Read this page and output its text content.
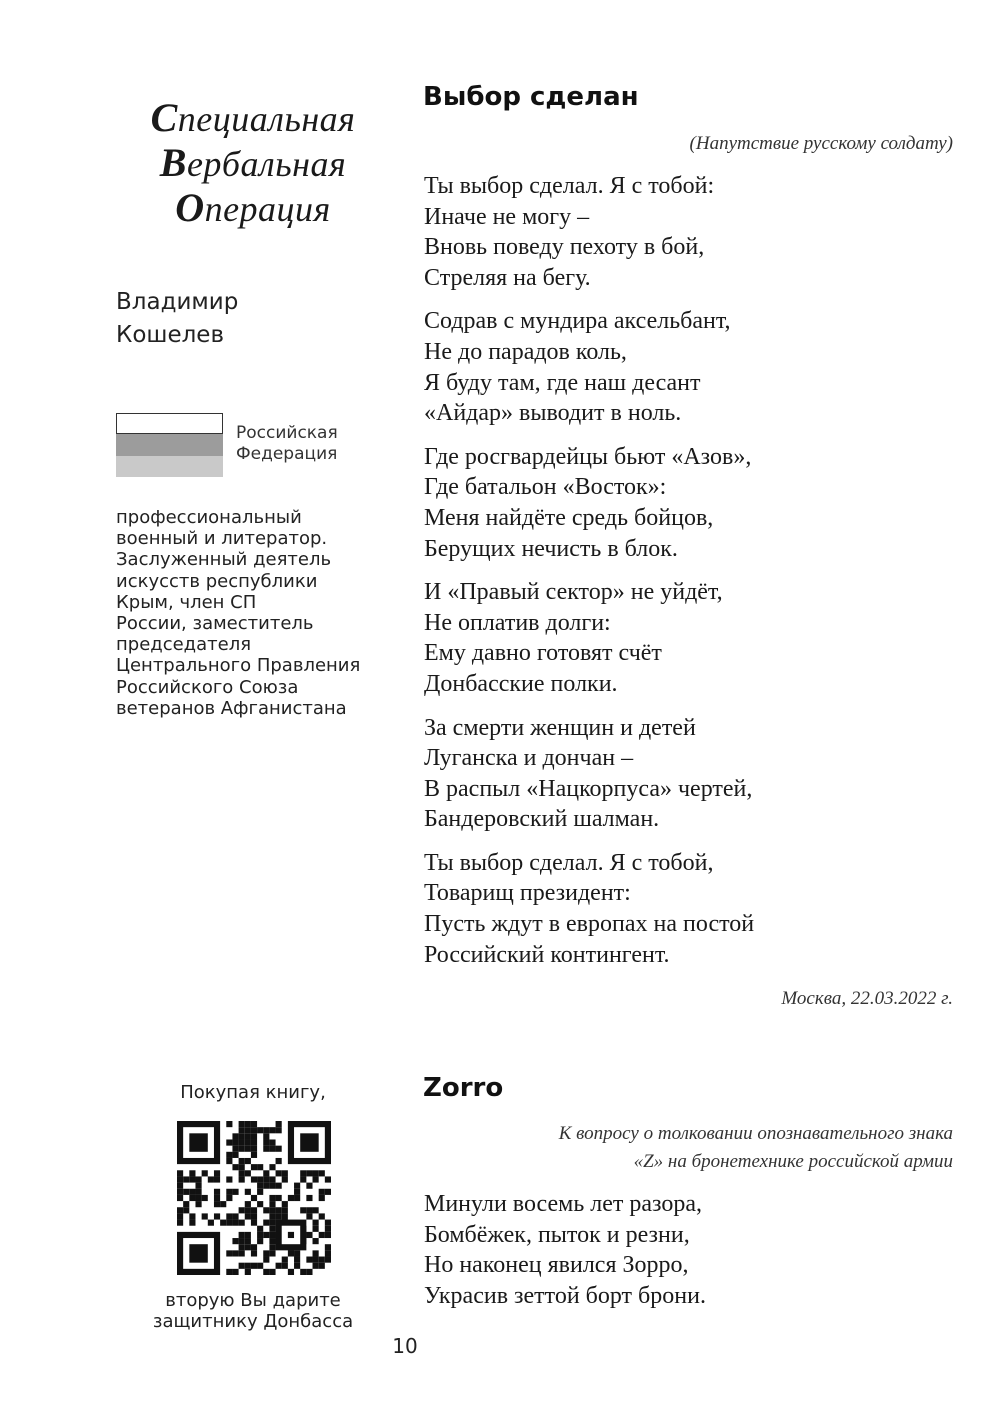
Специальная
Вербальная
Операция
Владимир
Кошелев
Российская
Федерация
профессиональный
военный и литератор.
Заслуженный деятель
искусств республики
Крым, член СП
России, заместитель
председателя
Центрального Правления
Российского Союза
ветеранов Афганистана
Выбор сделан
(Напутствие русскому солдату)
Ты выбор сделал. Я с тобой:
Иначе не могу –
Вновь поведу пехоту в бой,
Стреляя на бегу.
Содрав с мундира аксельбант,
Не до парадов коль,
Я буду там, где наш десант
«Айдар» выводит в ноль.
Где росгвардейцы бьют «Азов»,
Где батальон «Восток»:
Меня найдёте средь бойцов,
Берущих нечисть в блок.
И «Правый сектор» не уйдёт,
Не оплатив долги:
Ему давно готовят счёт
Донбасские полки.
За смерти женщин и детей
Луганска и дончан –
В распыл «Нацкорпуса» чертей,
Бандеровский шалман.
Ты выбор сделал. Я с тобой,
Товарищ президент:
Пусть ждут в европах на постой
Российский контингент.
Москва, 22.03.2022 г.
Zorro
К вопросу о толковании опознавательного знака
«Z» на бронетехнике российской армии
Минули восемь лет разора,
Бомбёжек, пыток и резни,
Но наконец явился Зорро,
Украсив зеттой борт брони.
Покупая книгу,
вторую Вы дарите
защитнику Донбасса
10
